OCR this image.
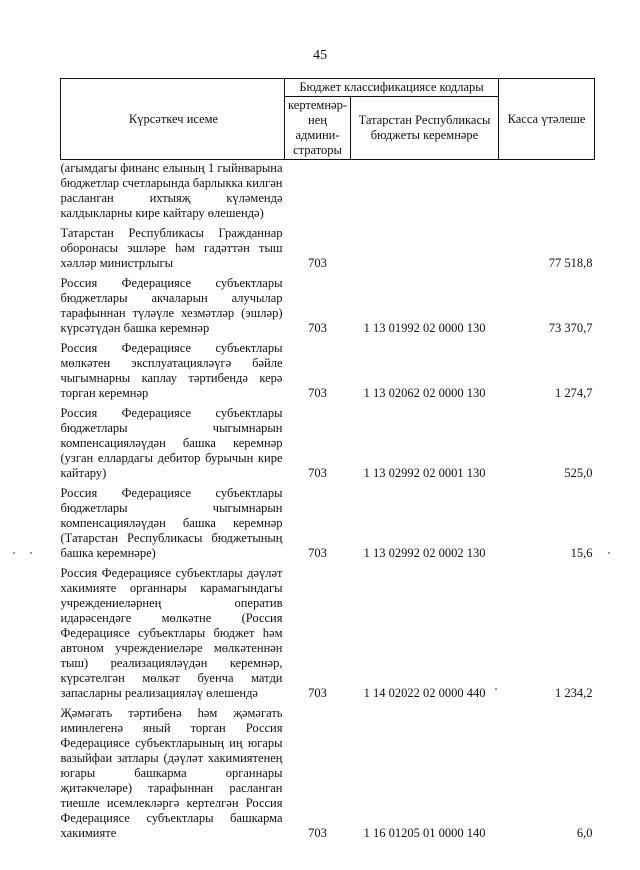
45
Күрсәткеч исеме	Бюджет классификациясе кодлары		Касса үтәлеше
	кертемнәр-нең админи-страторы	Татарстан Республикасы бюджеты керемнәре	
(агымдагы финанс елының 1 гыйнварына бюджетлар счетларында барлыкка килгән расланган ихтыяҗ күләмендә калдыкларны кире кайтару өлешендә)			
Татарстан Республикасы Гражданнар оборонасы эшләре һәм гадәттән тыш хәлләр министрлыгы	703		77 518,8
Россия Федерациясе субъектлары бюджетлары акчаларын алучылар тарафыннан түләүле хезмәтләр (эшләр) күрсәтүдән башка керемнәр	703	1 13 01992 02 0000 130	73 370,7
Россия Федерациясе субъектлары мөлкәтен эксплуатацияләүгә бәйле чыгымнарны каплау тәртибендә керә торган керемнәр	703	1 13 02062 02 0000 130	1 274,7
Россия Федерациясе субъектлары бюджетлары чыгымнарын компенсацияләүдән башка керемнәр (узган еллардагы дебитор бурычын кире кайтару)	703	1 13 02992 02 0001 130	525,0
Россия Федерациясе субъектлары бюджетлары чыгымнарын компенсацияләүдән башка керемнәр (Татарстан Республикасы бюджетының башка керемнәре)	703	1 13 02992 02 0002 130	15,6
Россия Федерациясе субъектлары дәүләт хакимияте органнары карамагындагы учреждениеләрнең оператив идарәсендәге мөлкәтне (Россия Федерациясе субъектлары бюджет һәм автоном учреждениеләре мөлкәтеннән тыш) реализацияләүдән керемнәр, күрсәтелгән мөлкәт буенча матди запасларны реализацияләү өлешендә	703	1 14 02022 02 0000 440	1 234,2
Җәмәгать тәртибенә һәм җәмәгать иминлегенә яный торган Россия Федерациясе субъектларының иң югары вазыйфаи затлары (дәүләт хакимиятенең югары башкарма органнары җитәкчеләре) тарафыннан расланган тиешле исемлекләргә кертелгән Россия Федерациясе субъектлары башкарма хакимияте	703	1 16 01205 01 0000 140	6,0
